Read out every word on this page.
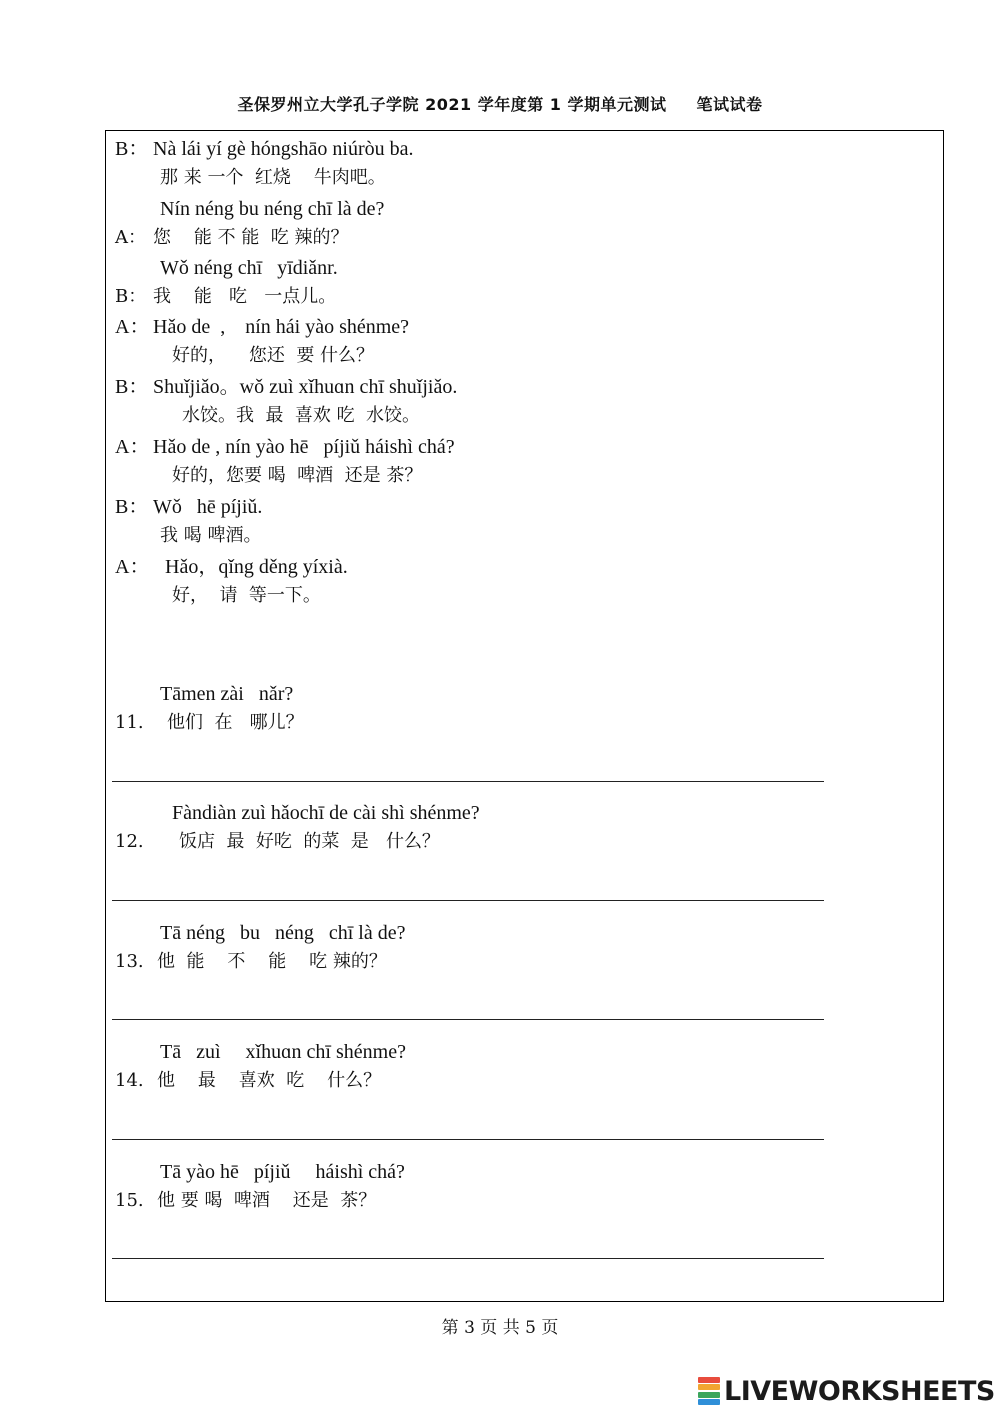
圣保罗州立大学孔子学院 2021 学年度第 1 学期单元测试 笔试试卷
B： Nà lái yí gè hóngshāo niúròu ba.
那 来 一个  红烧    牛肉吧。
Nín néng bu néng chī là de?
A： 您    能 不 能  吃 辣的？
Wǒ néng chī   yīdiǎnr.
B： 我    能   吃   一点儿。
A： Hǎo de  ,    nín hái yào shénme?
好的，    您还  要 什么？
B： Shuǐjiǎo。wǒ zuì xǐhuɑn chī shuǐjiǎo.
水饺。我  最  喜欢 吃  水饺。
A： Hǎo de , nín yào hē   píjiǔ háishì chá?
好的，您要 喝  啤酒  还是 茶？
B： Wǒ   hē píjiǔ.
我 喝 啤酒。
A： Hǎo，qǐng děng yíxià.
好，  请  等一下。
Tāmen zài   nǎr?
11. 他们  在   哪儿？
Fàndiàn zuì hǎochī de cài shì shénme?
12. 饭店  最  好吃  的菜  是   什么？
Tā néng   bu   néng   chī là de?
13. 他  能    不    能    吃 辣的？
Tā   zuì     xǐhuɑn chī shénme?
14. 他    最    喜欢  吃    什么？
Tā yào hē   píjiǔ     háishì chá?
15. 他 要 喝  啤酒    还是  茶？
第 3 页 共 5 页
LIVEWORKSHEETS
